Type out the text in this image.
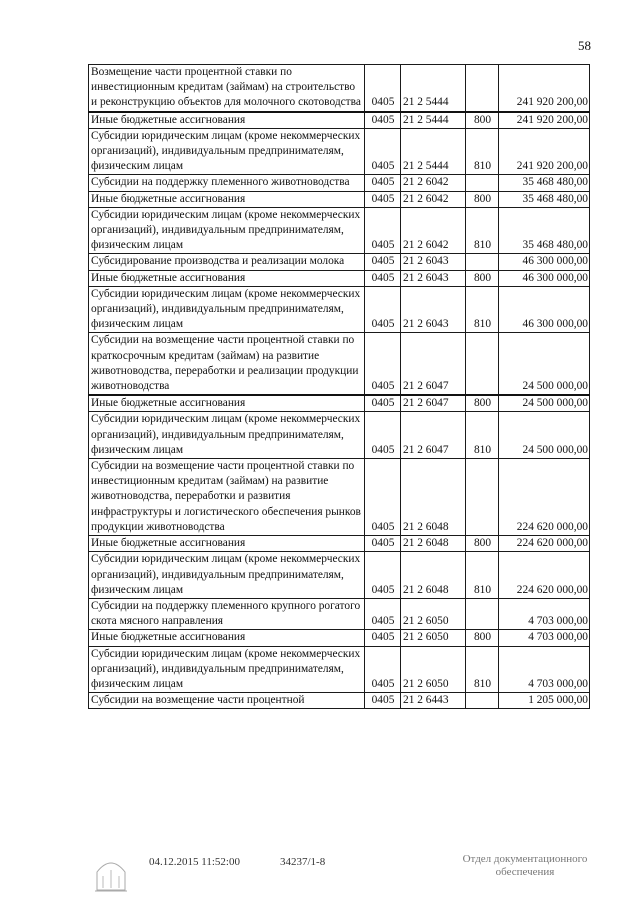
58
Возмещение части процентной ставки по инвестиционным кредитам (займам) на строительство и реконструкцию объектов для молочного скотоводства	0405	21 2 5444		241 920 200,00
Иные бюджетные ассигнования	0405	21 2 5444	800	241 920 200,00
Субсидии юридическим лицам (кроме некоммерческих организаций), индивидуальным предпринимателям, физическим лицам	0405	21 2 5444	810	241 920 200,00
Субсидии на поддержку племенного животноводства	0405	21 2 6042		35 468 480,00
Иные бюджетные ассигнования	0405	21 2 6042	800	35 468 480,00
Субсидии юридическим лицам (кроме некоммерческих организаций), индивидуальным предпринимателям, физическим лицам	0405	21 2 6042	810	35 468 480,00
Субсидирование производства и реализации молока	0405	21 2 6043		46 300 000,00
Иные бюджетные ассигнования	0405	21 2 6043	800	46 300 000,00
Субсидии юридическим лицам (кроме некоммерческих организаций), индивидуальным предпринимателям, физическим лицам	0405	21 2 6043	810	46 300 000,00
Субсидии на возмещение части процентной ставки по краткосрочным кредитам (займам) на развитие животноводства, переработки и реализации продукции животноводства	0405	21 2 6047		24 500 000,00
Иные бюджетные ассигнования	0405	21 2 6047	800	24 500 000,00
Субсидии юридическим лицам (кроме некоммерческих организаций), индивидуальным предпринимателям, физическим лицам	0405	21 2 6047	810	24 500 000,00
Субсидии на возмещение части процентной ставки по инвестиционным кредитам (займам) на развитие животноводства, переработки и развития инфраструктуры и логистического обеспечения рынков продукции животноводства	0405	21 2 6048		224 620 000,00
Иные бюджетные ассигнования	0405	21 2 6048	800	224 620 000,00
Субсидии юридическим лицам (кроме некоммерческих организаций), индивидуальным предпринимателям, физическим лицам	0405	21 2 6048	810	224 620 000,00
Субсидии на поддержку племенного крупного рогатого скота мясного направления	0405	21 2 6050		4 703 000,00
Иные бюджетные ассигнования	0405	21 2 6050	800	4 703 000,00
Субсидии юридическим лицам (кроме некоммерческих организаций), индивидуальным предпринимателям, физическим лицам	0405	21 2 6050	810	4 703 000,00
Субсидии на возмещение части процентной	0405	21 2 6443		1 205 000,00
04.12.2015 11:52:00	34237/1-8	Отдел документационного обеспечения
